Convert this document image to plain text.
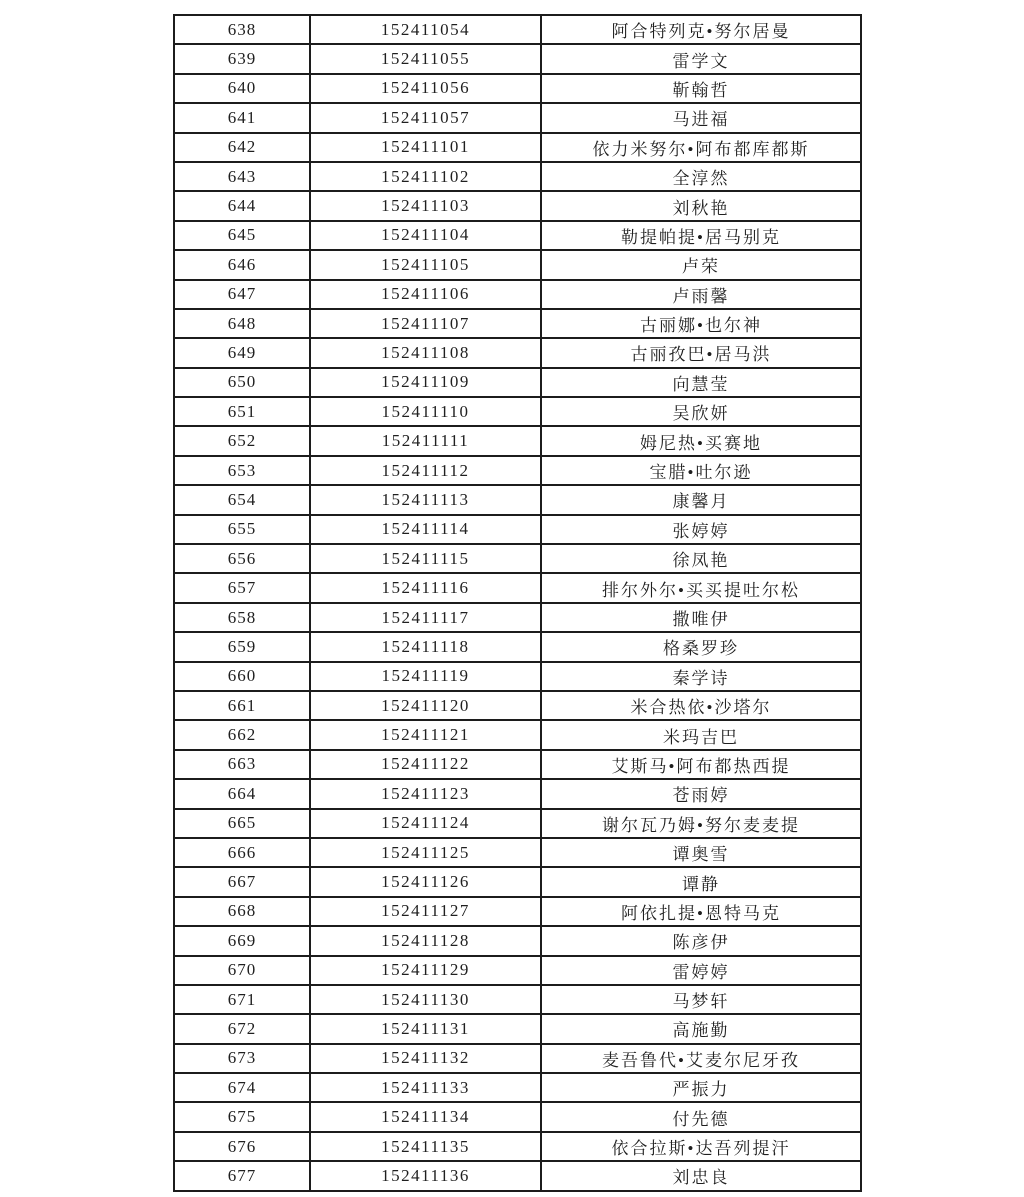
638	152411054	阿合特列克•努尔居曼
639	152411055	雷学文
640	152411056	靳翰哲
641	152411057	马进福
642	152411101	依力米努尔•阿布都库都斯
643	152411102	全淳然
644	152411103	刘秋艳
645	152411104	勒提帕提•居马别克
646	152411105	卢荣
647	152411106	卢雨馨
648	152411107	古丽娜•也尔神
649	152411108	古丽孜巴•居马洪
650	152411109	向慧莹
651	152411110	吴欣妍
652	152411111	姆尼热•买赛地
653	152411112	宝腊•吐尔逊
654	152411113	康馨月
655	152411114	张婷婷
656	152411115	徐凤艳
657	152411116	排尔外尔•买买提吐尔松
658	152411117	撒唯伊
659	152411118	格桑罗珍
660	152411119	秦学诗
661	152411120	米合热依•沙塔尔
662	152411121	米玛吉巴
663	152411122	艾斯马•阿布都热西提
664	152411123	苍雨婷
665	152411124	谢尔瓦乃姆•努尔麦麦提
666	152411125	谭奥雪
667	152411126	谭静
668	152411127	阿依扎提•恩特马克
669	152411128	陈彦伊
670	152411129	雷婷婷
671	152411130	马梦轩
672	152411131	高施勤
673	152411132	麦吾鲁代•艾麦尔尼牙孜
674	152411133	严振力
675	152411134	付先德
676	152411135	依合拉斯•达吾列提汗
677	152411136	刘忠良
